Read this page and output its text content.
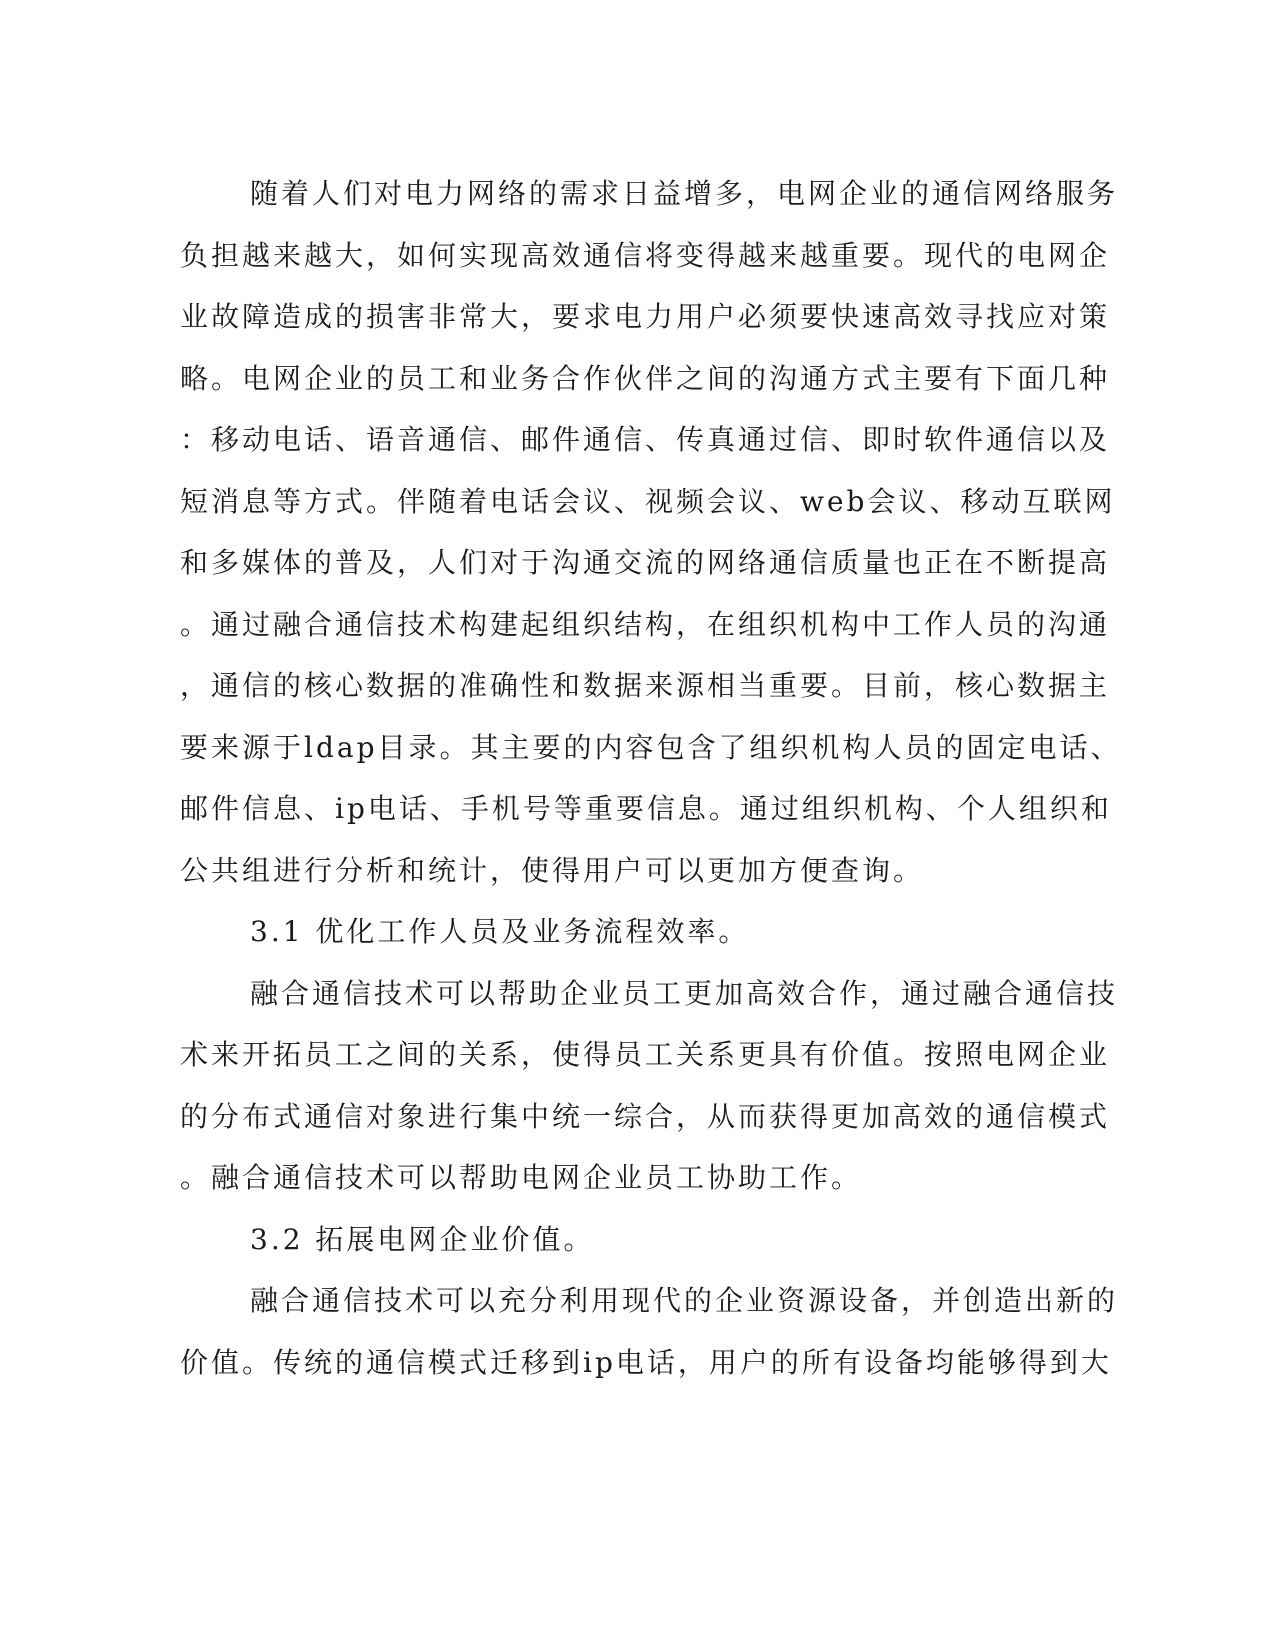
随着人们对电力网络的需求日益增多，电网企业的通信网络服务
负担越来越大，如何实现高效通信将变得越来越重要。现代的电网企
业故障造成的损害非常大，要求电力用户必须要快速高效寻找应对策
略。电网企业的员工和业务合作伙伴之间的沟通方式主要有下面几种
：移动电话、语音通信、邮件通信、传真通过信、即时软件通信以及
短消息等方式。伴随着电话会议、视频会议、web会议、移动互联网
和多媒体的普及，人们对于沟通交流的网络通信质量也正在不断提高
。通过融合通信技术构建起组织结构，在组织机构中工作人员的沟通
，通信的核心数据的准确性和数据来源相当重要。目前，核心数据主
要来源于ldap目录。其主要的内容包含了组织机构人员的固定电话、
邮件信息、ip电话、手机号等重要信息。通过组织机构、个人组织和
公共组进行分析和统计，使得用户可以更加方便查询。
3.1 优化工作人员及业务流程效率。
融合通信技术可以帮助企业员工更加高效合作，通过融合通信技
术来开拓员工之间的关系，使得员工关系更具有价值。按照电网企业
的分布式通信对象进行集中统一综合，从而获得更加高效的通信模式
。融合通信技术可以帮助电网企业员工协助工作。
3.2 拓展电网企业价值。
融合通信技术可以充分利用现代的企业资源设备，并创造出新的
价值。传统的通信模式迁移到ip电话，用户的所有设备均能够得到大
